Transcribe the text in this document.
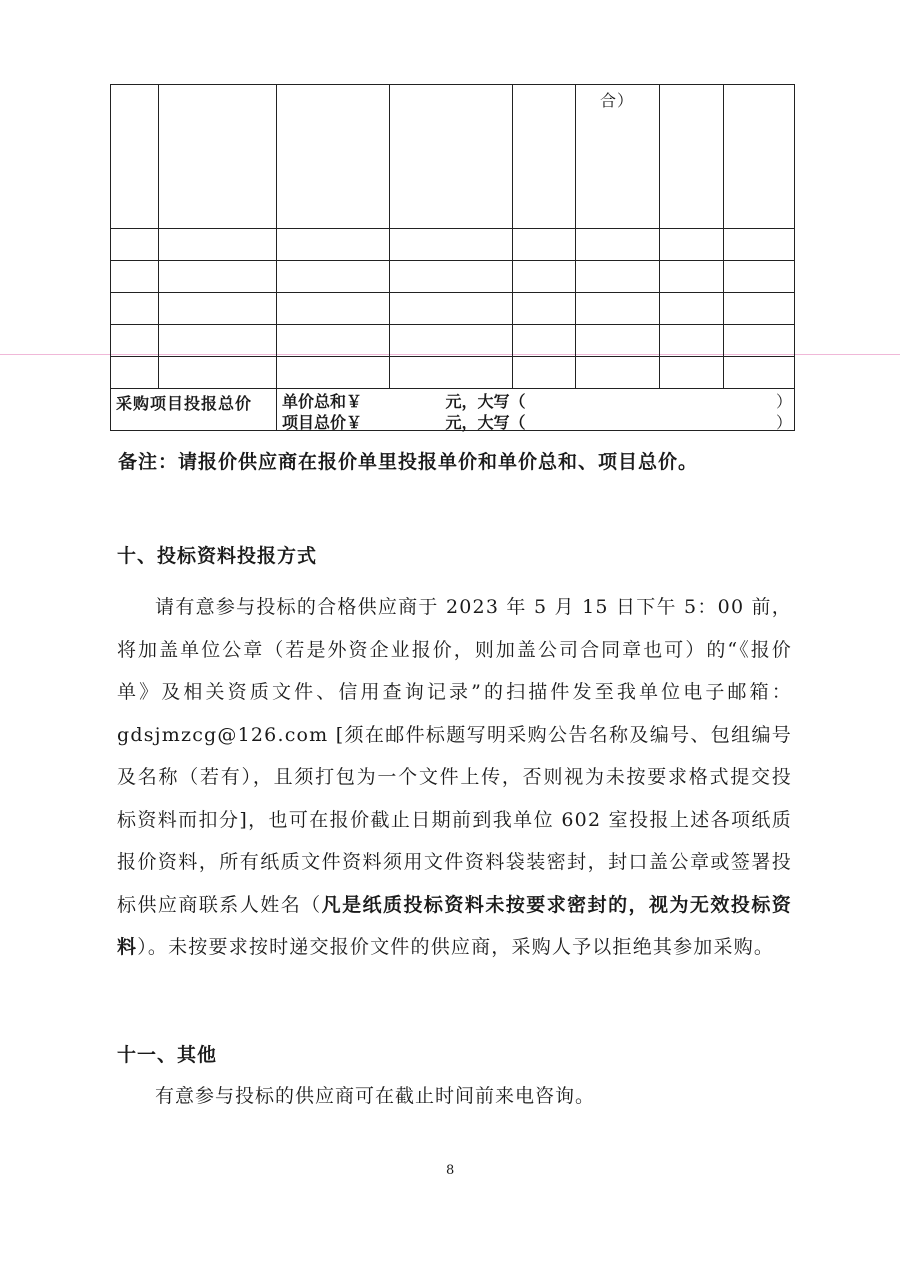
合）
采购项目投报总价 单价总和￥               元，大写（
项目总价￥               元，大写（
）
）
备注：请报价供应商在报价单里投报单价和单价总和、项目总价。
十、投标资料投报方式
请有意参与投标的合格供应商于 2023 年 5 月 15 日下午 5：00 前，将加盖单位公章（若是外资企业报价，则加盖公司合同章也可）的“《报价单》及相关资质文件、信用查询记录”的扫描件发至我单位电子邮箱：gdsjmzcg@126.com [须在邮件标题写明采购公告名称及编号、包组编号及名称（若有），且须打包为一个文件上传，否则视为未按要求格式提交投标资料而扣分]，也可在报价截止日期前到我单位 602 室投报上述各项纸质报价资料，所有纸质文件资料须用文件资料袋装密封，封口盖公章或签署投标供应商联系人姓名（凡是纸质投标资料未按要求密封的，视为无效投标资料）。未按要求按时递交报价文件的供应商，采购人予以拒绝其参加采购。
十一、其他
有意参与投标的供应商可在截止时间前来电咨询。
8
